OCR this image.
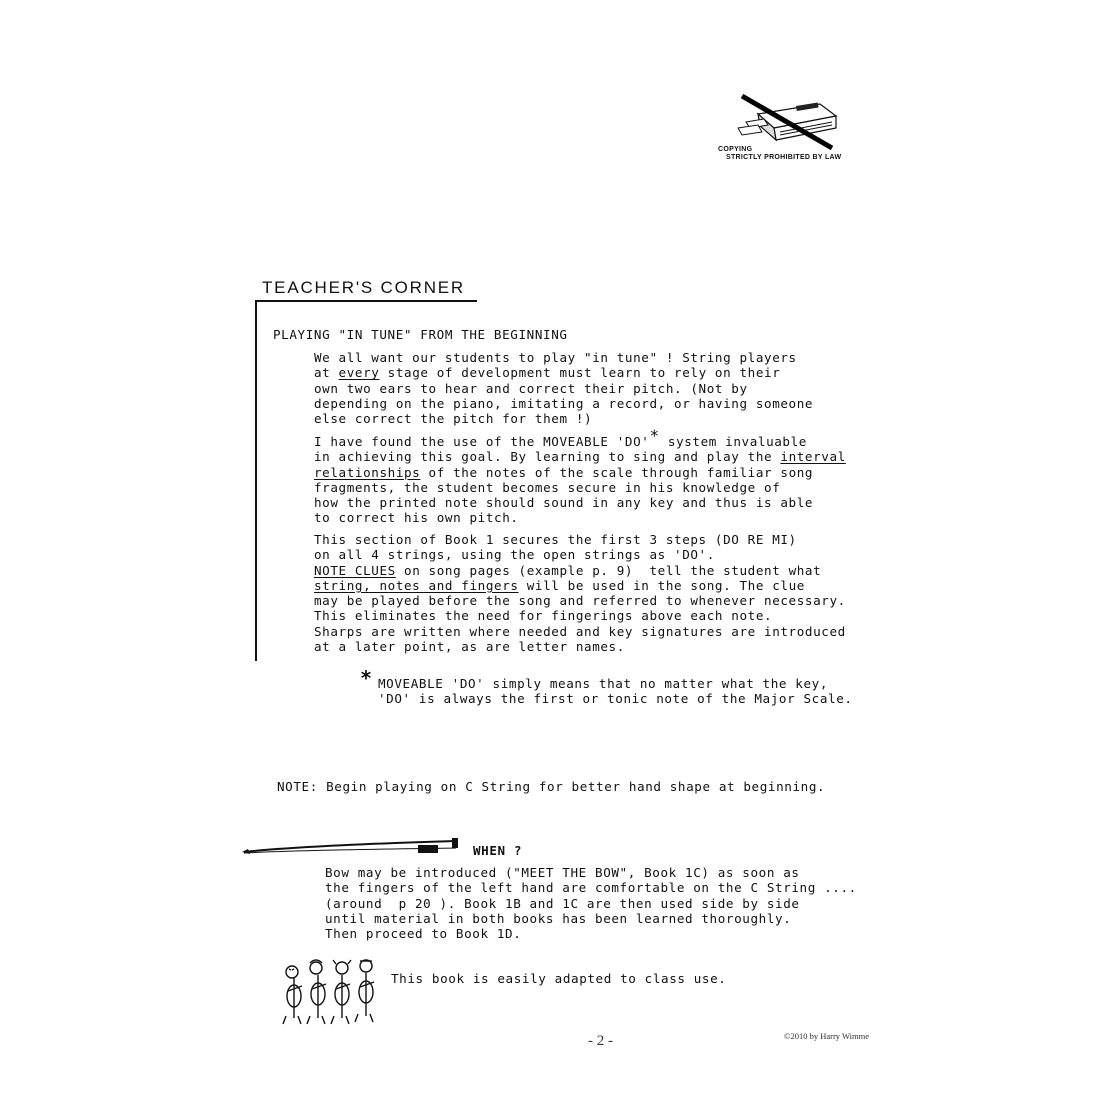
COPYING
STRICTLY PROHIBITED BY LAW
TEACHER'S CORNER
PLAYING "IN TUNE" FROM THE BEGINNING
We all want our students to play "in tune" ! String players
at every stage of development must learn to rely on their
own two ears to hear and correct their pitch. (Not by
depending on the piano, imitating a record, or having someone
else correct the pitch for them !)
I have found the use of the MOVEABLE 'DO'* system invaluable
in achieving this goal. By learning to sing and play the interval
relationships of the notes of the scale through familiar song
fragments, the student becomes secure in his knowledge of
how the printed note should sound in any key and thus is able
to correct his own pitch.
This section of Book 1 secures the first 3 steps (DO RE MI)
on all 4 strings, using the open strings as 'DO'.
NOTE CLUES on song pages (example p. 9)  tell the student what
string, notes and fingers will be used in the song. The clue
may be played before the song and referred to whenever necessary.
This eliminates the need for fingerings above each note.
Sharps are written where needed and key signatures are introduced
at a later point, as are letter names.
* MOVEABLE 'DO' simply means that no matter what the key,
'DO' is always the first or tonic note of the Major Scale.
NOTE: Begin playing on C String for better hand shape at beginning.
WHEN ?
Bow may be introduced ("MEET THE BOW", Book 1C) as soon as
the fingers of the left hand are comfortable on the C String ....
(around  p 20 ). Book 1B and 1C are then used side by side
until material in both books has been learned thoroughly.
Then proceed to Book 1D.
This book is easily adapted to class use.
- 2 -	©2010 by Harry Wimme
